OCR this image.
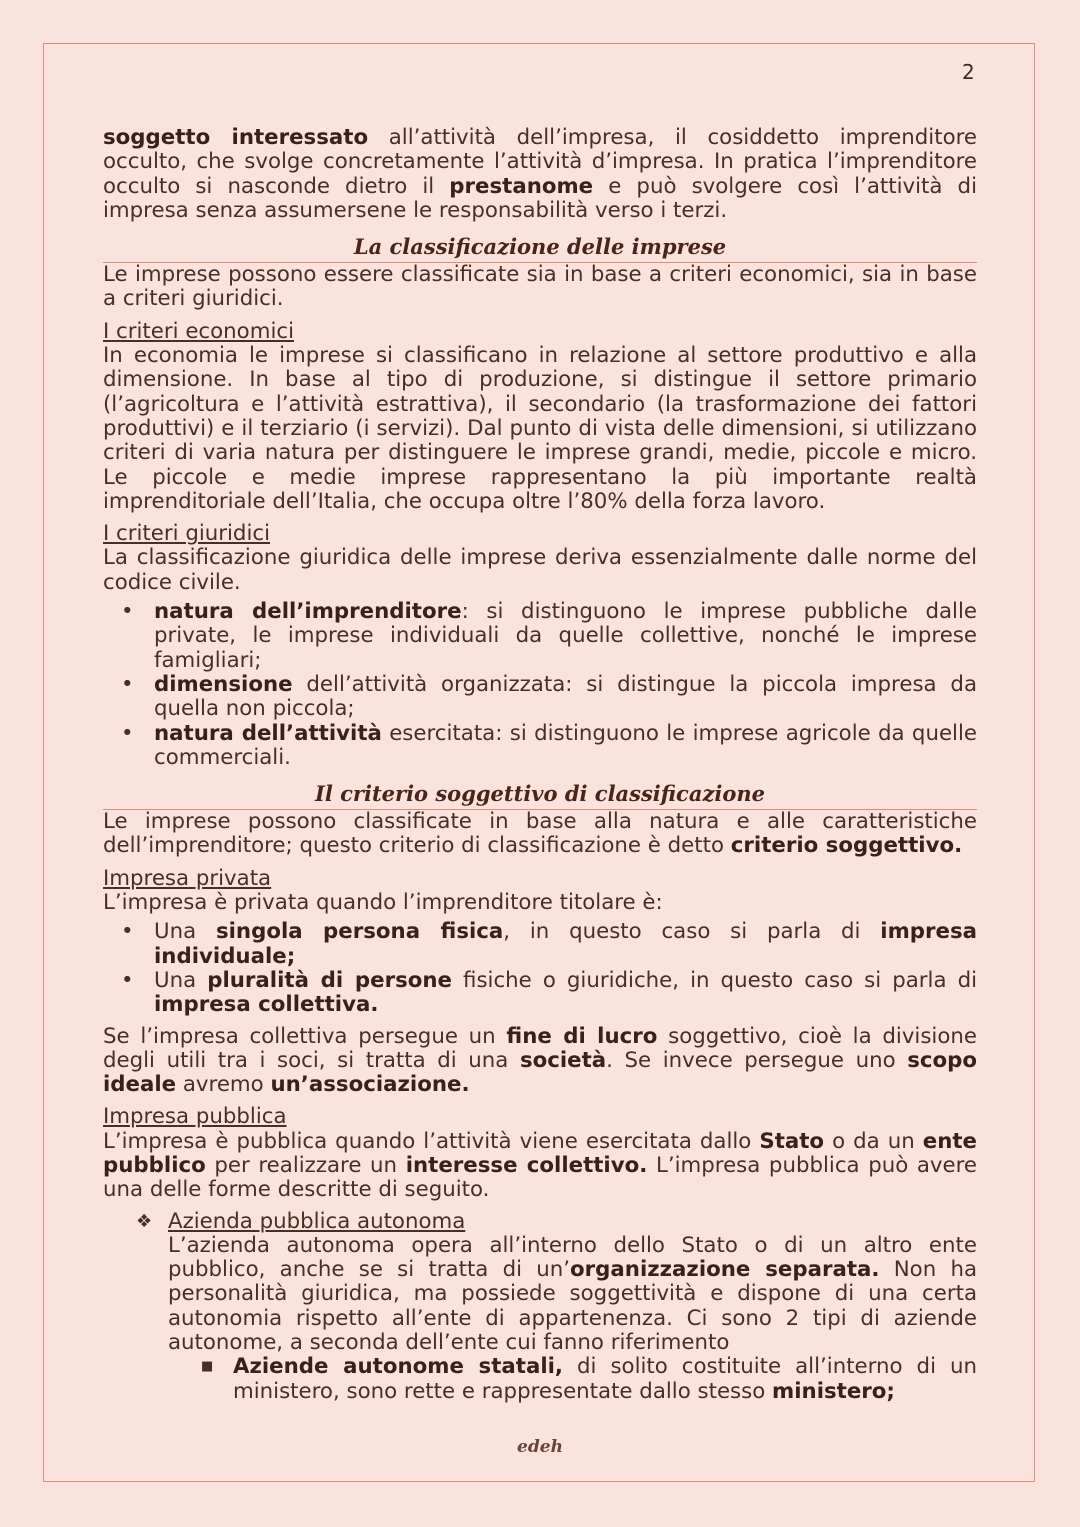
2

soggetto interessato all’attività dell’impresa, il cosiddetto imprenditore occulto, che svolge concretamente l’attività d’impresa. In pratica l’imprenditore occulto si nasconde dietro il prestanome e può svolgere così l’attività di impresa senza assumersene le responsabilità verso i terzi.

La classificazione delle imprese

Le imprese possono essere classificate sia in base a criteri economici, sia in base a criteri giuridici.

I criteri economici

In economia le imprese si classificano in relazione al settore produttivo e alla dimensione. In base al tipo di produzione, si distingue il settore primario (l’agricoltura e l’attività estrattiva), il secondario (la trasformazione dei fattori produttivi) e il terziario (i servizi). Dal punto di vista delle dimensioni, si utilizzano criteri di varia natura per distinguere le imprese grandi, medie, piccole e micro. Le piccole e medie imprese rappresentano la più importante realtà imprenditoriale dell’Italia, che occupa oltre l’80% della forza lavoro.

I criteri giuridici

La classificazione giuridica delle imprese deriva essenzialmente dalle norme del codice civile.

• natura dell’imprenditore: si distinguono le imprese pubbliche dalle private, le imprese individuali da quelle collettive, nonché le imprese famigliari;
• dimensione dell’attività organizzata: si distingue la piccola impresa da quella non piccola;
• natura dell’attività esercitata: si distinguono le imprese agricole da quelle commerciali.
Il criterio soggettivo di classificazione

Le imprese possono classificate in base alla natura e alle caratteristiche dell’imprenditore; questo criterio di classificazione è detto criterio soggettivo.

Impresa privata

L’impresa è privata quando l’imprenditore titolare è:

• Una singola persona fisica, in questo caso si parla di impresa individuale;
• Una pluralità di persone fisiche o giuridiche, in questo caso si parla di impresa collettiva.

Se l’impresa collettiva persegue un fine di lucro soggettivo, cioè la divisione degli utili tra i soci, si tratta di una società. Se invece persegue uno scopo ideale avremo un’associazione.

Impresa pubblica

L’impresa è pubblica quando l’attività viene esercitata dallo Stato o da un ente pubblico per realizzare un interesse collettivo. L’impresa pubblica può avere una delle forme descritte di seguito.

❖ Azienda pubblica autonoma

L’azienda autonoma opera all’interno dello Stato o di un altro ente pubblico, anche se si tratta di un’organizzazione separata. Non ha personalità giuridica, ma possiede soggettività e dispone di una certa autonomia rispetto all’ente di appartenenza. Ci sono 2 tipi di aziende autonome, a seconda dell’ente cui fanno riferimento

■ Aziende autonome statali, di solito costituite all’interno di un ministero, sono rette e rappresentate dallo stesso ministero;
edeh
